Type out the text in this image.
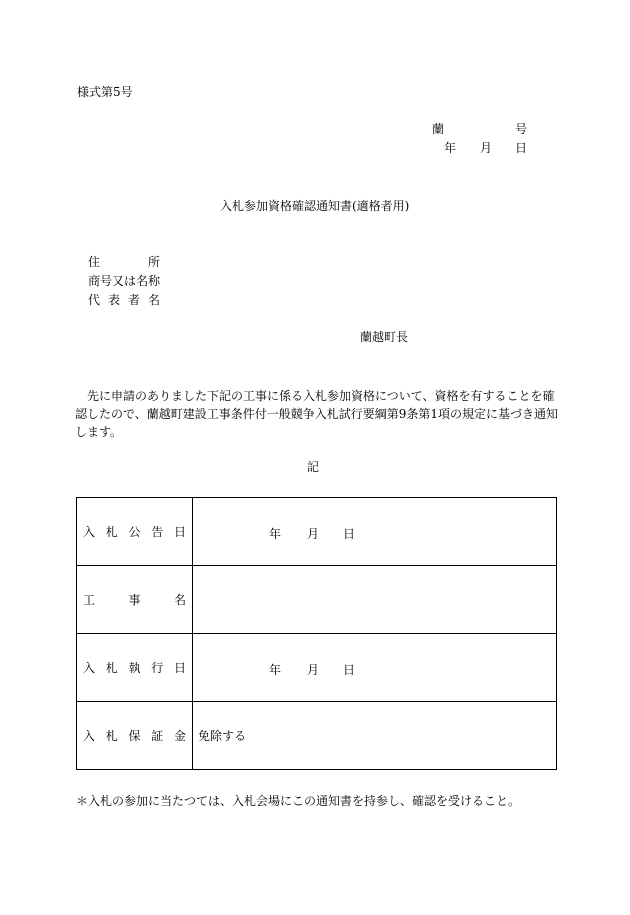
様式第5号
蘭	号
年 月 日
入札参加資格確認通知書(適格者用)
住	所
商 号 又 は 名 称
代 表 者 名
蘭越町長
先に申請のありました下記の工事に係る入札参加資格について、資格を有することを確
認したので、蘭越町建設工事条件付一般競争入札試行要綱第9条第1項の規定に基づき通知
します。
記
入 札 公 告 日	年 月 日

工 事 名	

入 札 執 行 日	年 月 日

入 札 保 証 金	免除する
＊入札の参加に当たつては、入札会場にこの通知書を持参し、確認を受けること。
